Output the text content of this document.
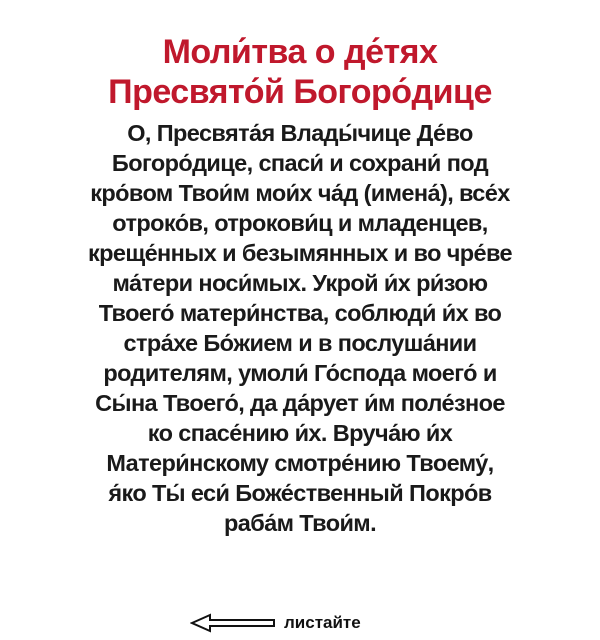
Моли́тва о де́тях
Пресвято́й Богоро́дице
О, Пресвята́я Влады́чице Де́во
Богоро́дице, спаси́ и сохрани́ под
кро́вом Твои́м мои́х ча́д (имена́), все́х
отроко́в, отрокови́ц и младенцев,
креще́нных и безымянных и во чре́ве
ма́тери носи́мых. Укрой и́х ри́зою
Твоего́ матери́нства, соблюди́ и́х во
стра́хе Бо́жием и в послуша́нии
родителям, умоли́ Го́спода моего́ и
Сы́на Твоего́, да да́рует и́м поле́зное
ко спасе́нию и́х. Вруча́ю и́х
Матери́нскому смотре́нию Твоему́,
я́ко Ты́ еси́ Боже́ственный Покро́в
раба́м Твои́м.
листайте
